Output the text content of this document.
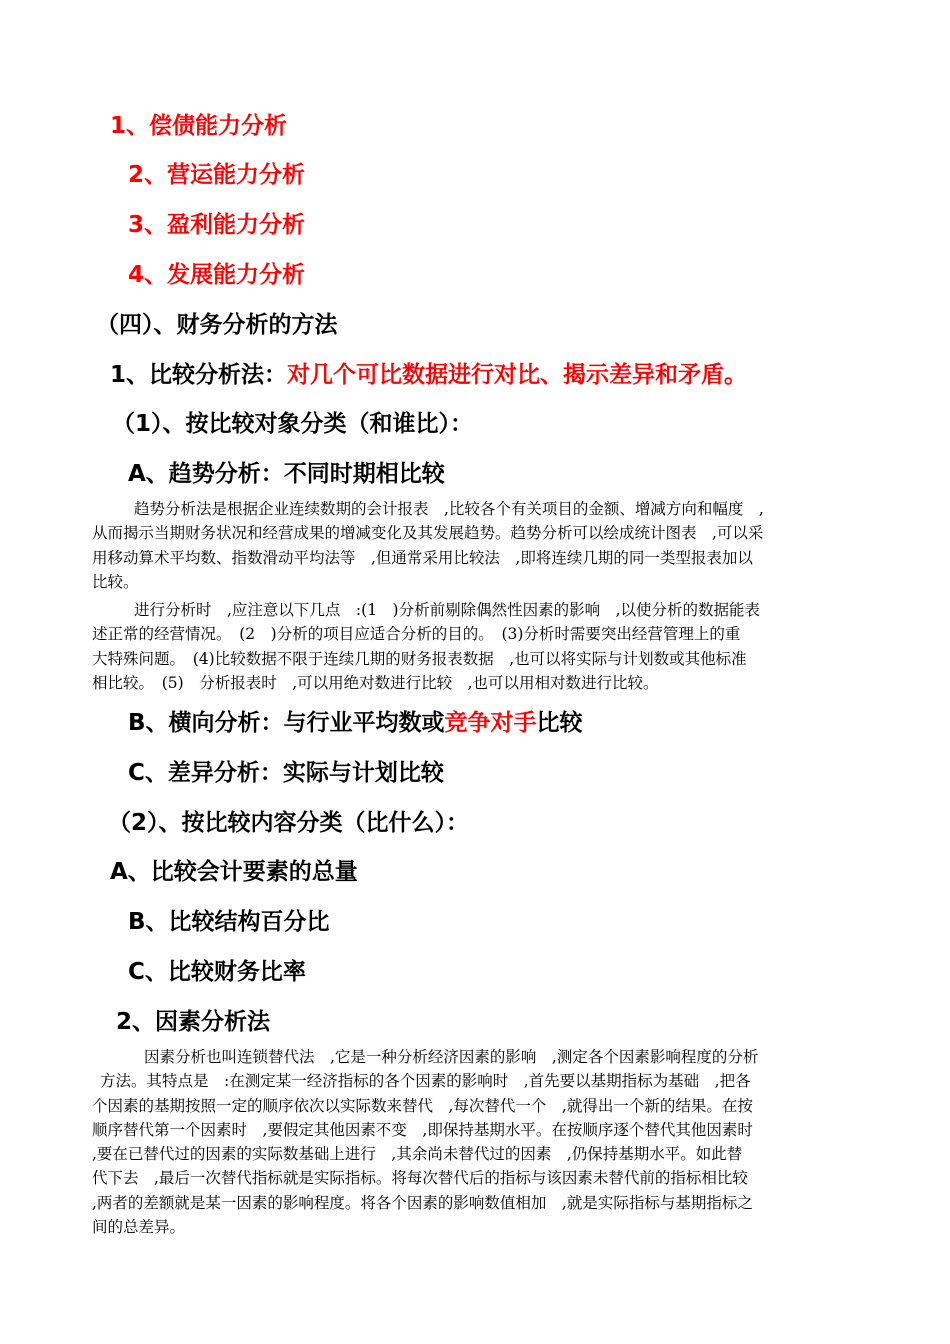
1、偿债能力分析
2、营运能力分析
3、盈利能力分析
4、发展能力分析
（四）、财务分析的方法
1、比较分析法：对几个可比数据进行对比、揭示差异和矛盾。
（1）、按比较对象分类（和谁比）：
A、趋势分析：不同时期相比较
趋势分析法是根据企业连续数期的会计报表　,比较各个有关项目的金额、增减方向和幅度　,
从而揭示当期财务状况和经营成果的增减变化及其发展趋势。趋势分析可以绘成统计图表　,可以采
用移动算术平均数、指数滑动平均法等　,但通常采用比较法　,即将连续几期的同一类型报表加以
比较。
进行分析时　,应注意以下几点　:(1　)分析前剔除偶然性因素的影响　,以使分析的数据能表
述正常的经营情况。　(2　)分析的项目应适合分析的目的。　(3)分析时需要突出经营管理上的重
大特殊问题。　(4)比较数据不限于连续几期的财务报表数据　,也可以将实际与计划数或其他标准
相比较。　(5)　分析报表时　,可以用绝对数进行比较　,也可以用相对数进行比较。
B、横向分析：与行业平均数或竞争对手比较
C、差异分析：实际与计划比较
（2）、按比较内容分类（比什么）：
A、比较会计要素的总量
B、比较结构百分比
C、比较财务比率
2、因素分析法
因素分析也叫连锁替代法　,它是一种分析经济因素的影响　,测定各个因素影响程度的分析
方法。其特点是　:在测定某一经济指标的各个因素的影响时　,首先要以基期指标为基础　,把各
个因素的基期按照一定的顺序依次以实际数来替代　,每次替代一个　,就得出一个新的结果。在按
顺序替代第一个因素时　,要假定其他因素不变　,即保持基期水平。在按顺序逐个替代其他因素时
,要在已替代过的因素的实际数基础上进行　,其余尚未替代过的因素　,仍保持基期水平。如此替
代下去　,最后一次替代指标就是实际指标。将每次替代后的指标与该因素未替代前的指标相比较
,两者的差额就是某一因素的影响程度。将各个因素的影响数值相加　,就是实际指标与基期指标之
间的总差异。
